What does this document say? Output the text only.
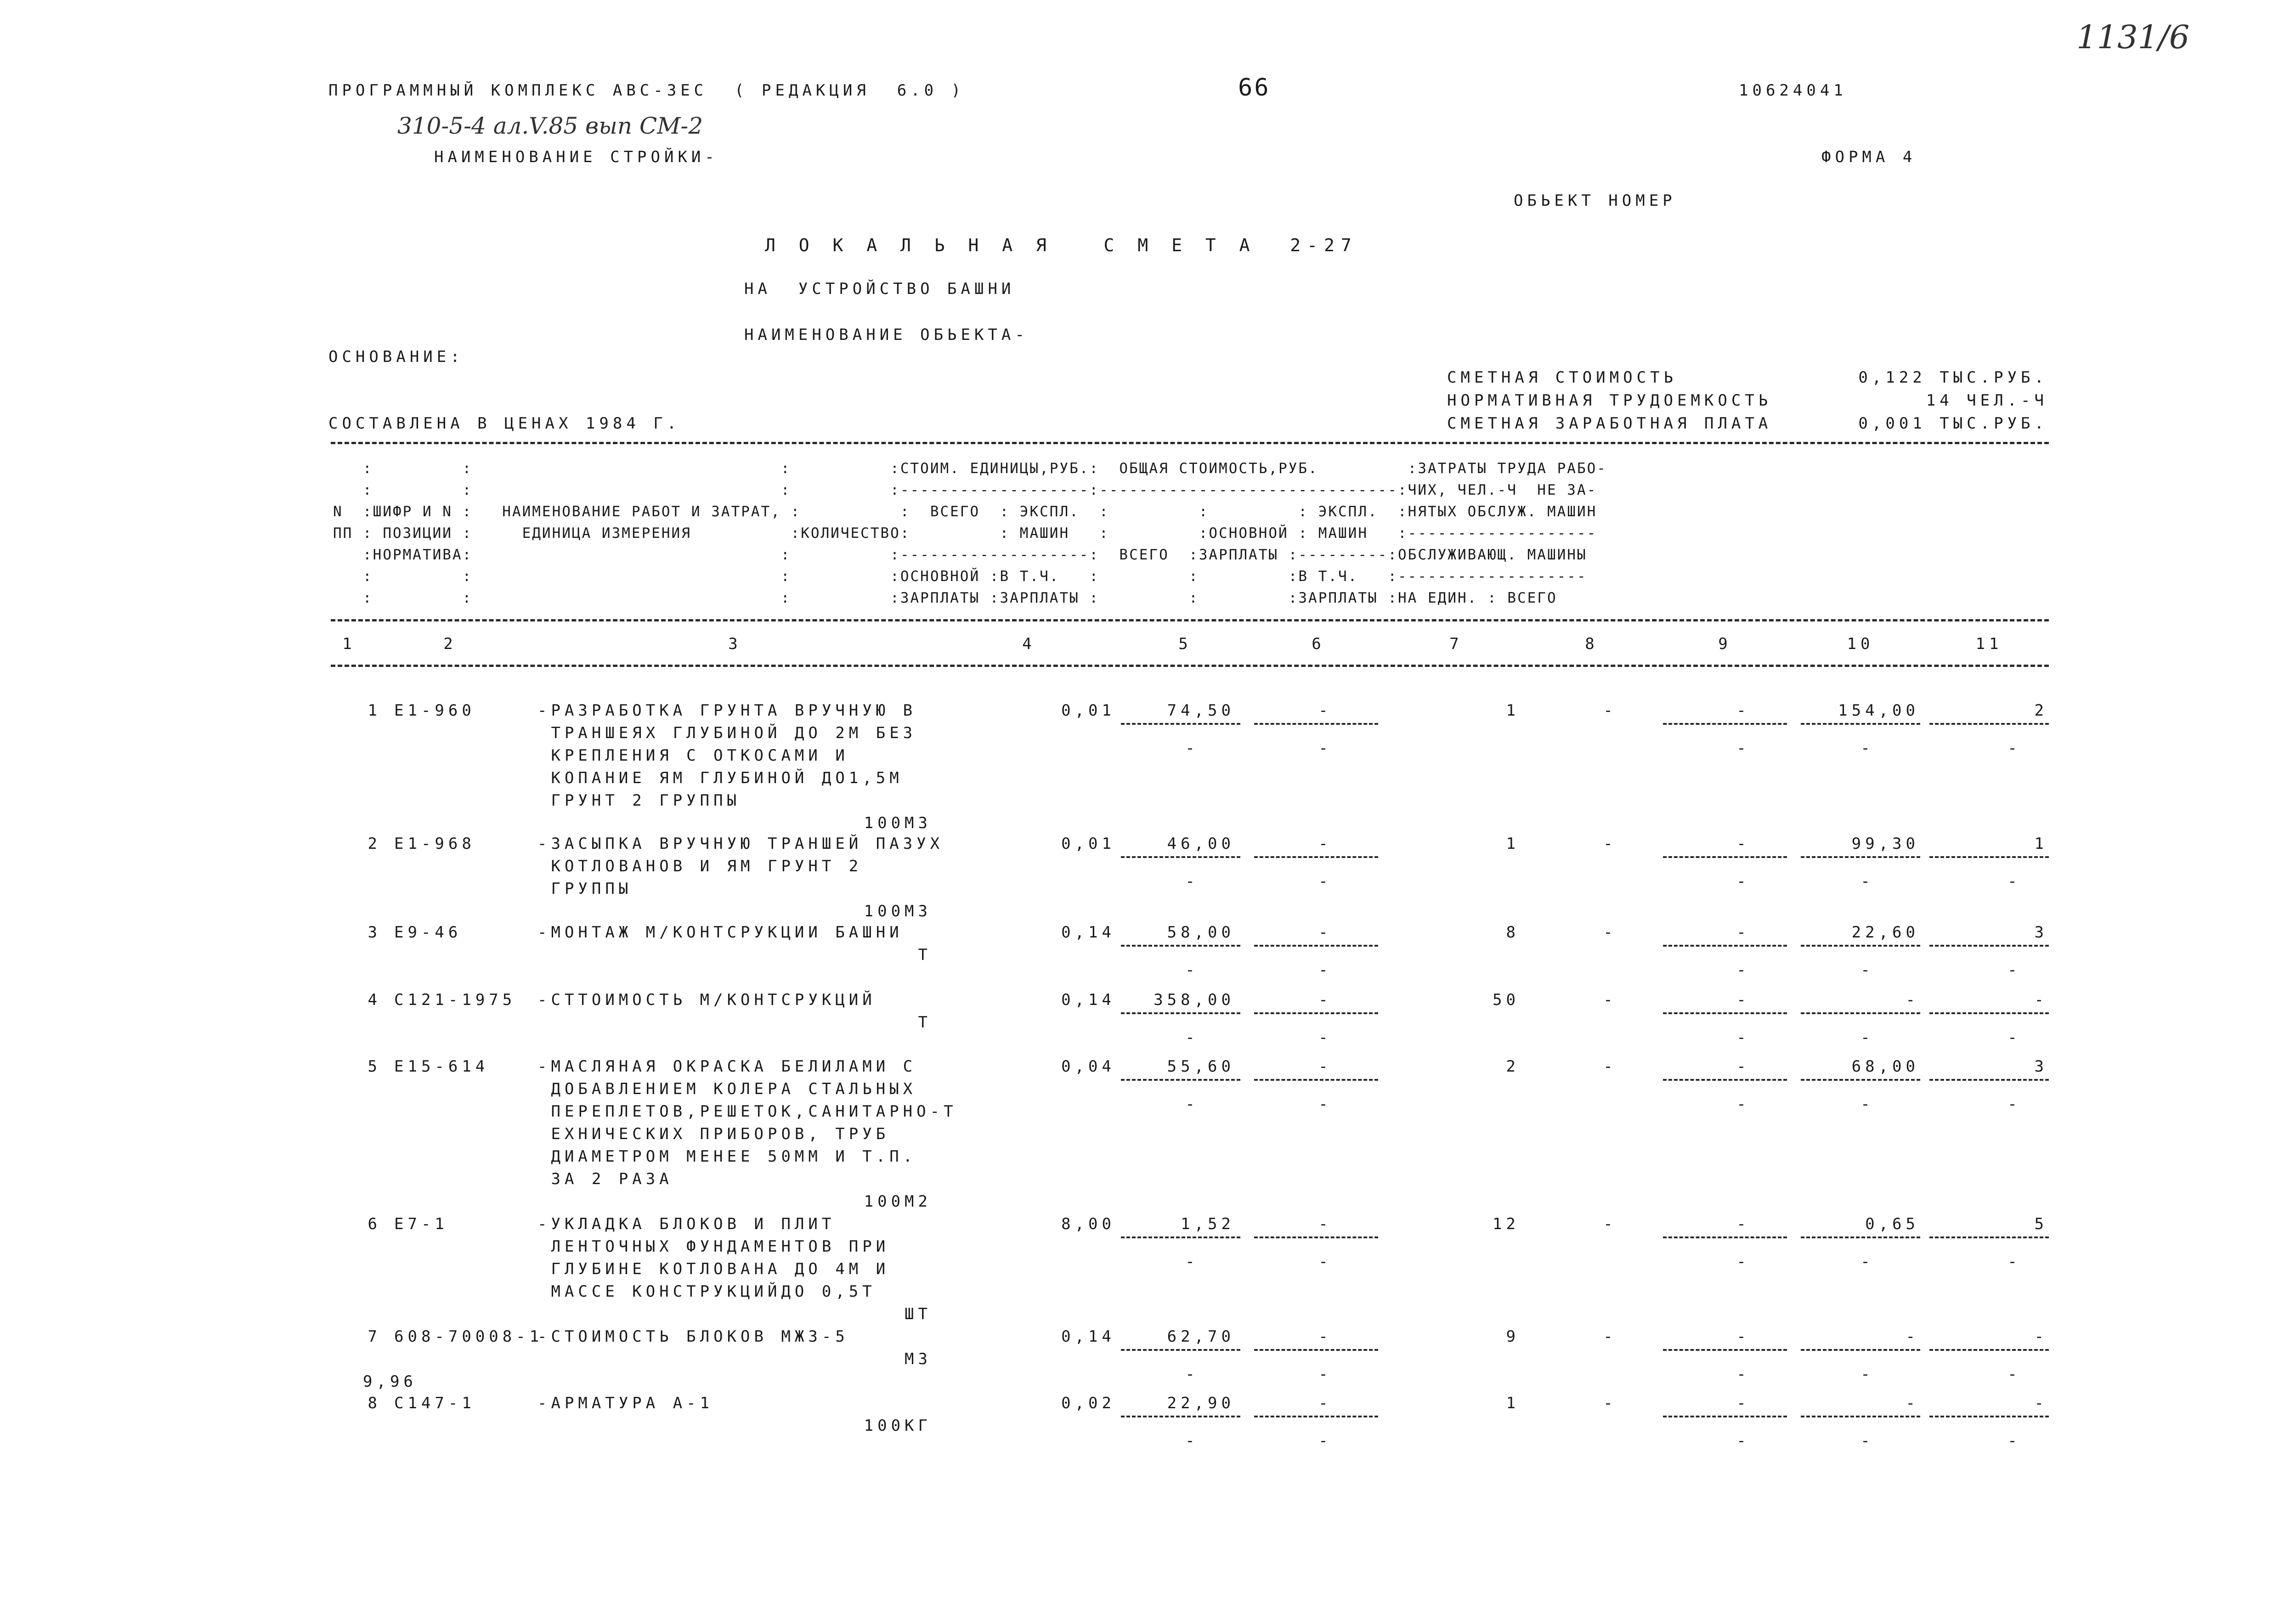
ПРОГРАММНЫЙ КОМПЛЕКС АВС-3ЕС  ( РЕДАКЦИЯ  6.0 )	66	10624041
1131/6
310-5-4 ал.V.85 вып СМ-2
НАИМЕНОВАНИЕ СТРОЙКИ-	ФОРМА 4
ОБЬЕКТ НОМЕР
Л О К А Л Ь Н А Я   С М Е Т А  2-27
НА  УСТРОЙСТВО БАШНИ
НАИМЕНОВАНИЕ ОБЬЕКТА-
ОСНОВАНИЕ:
СОСТАВЛЕНА В ЦЕНАХ 1984 Г.
СМЕТНАЯ СТОИМОСТЬ	0,122 ТЫС.РУБ.
НОРМАТИВНАЯ ТРУДОЕМКОСТЬ	14 ЧЕЛ.-Ч
СМЕТНАЯ ЗАРАБОТНАЯ ПЛАТА	0,001 ТЫС.РУБ.
:         :                               :          :СТОИМ. ЕДИНИЦЫ,РУБ.:  ОБЩАЯ СТОИМОСТЬ,РУБ.         :ЗАТРАТЫ ТРУДА РАБО-
:         :                               :          :-------------------:------------------------------:ЧИХ, ЧЕЛ.-Ч  НЕ ЗА-
N  :ШИФР И N :   НАИМЕНОВАНИЕ РАБОТ И ЗАТРАТ, :          :  ВСЕГО  : ЭКСПЛ.  :         :         : ЭКСПЛ.  :НЯТЫХ ОБСЛУЖ. МАШИН
ПП : ПОЗИЦИИ :     ЕДИНИЦА ИЗМЕРЕНИЯ          :КОЛИЧЕСТВО:         : МАШИН   :         :ОСНОВНОЙ : МАШИН   :-------------------
:НОРМАТИВА:                               :          :-------------------:  ВСЕГО  :ЗАРПЛАТЫ :---------:ОБСЛУЖИВАЮЩ. МАШИНЫ
:         :                               :          :ОСНОВНОЙ :В Т.Ч.   :         :         :В Т.Ч.   :-------------------
:         :                               :          :ЗАРПЛАТЫ :ЗАРПЛАТЫ :         :         :ЗАРПЛАТЫ :НА ЕДИН. : ВСЕГО
1	2	3	4	5	6	7	8	9	10	11
1 Е1-960	-РАЗРАБОТКА ГРУНТА ВРУЧНУЮ В
ТРАНШЕЯХ ГЛУБИНОЙ ДО 2М БЕЗ
КРЕПЛЕНИЯ С ОТКОСАМИ И
КОПАНИЕ ЯМ ГЛУБИНОЙ ДО1,5М
ГРУНТ 2 ГРУППЫ
100М3
0,01	74,50	-	1	-	-	154,00	2
-	-	-	-	-
2 Е1-968	-ЗАСЫПКА ВРУЧНУЮ ТРАНШЕЙ ПАЗУХ
КОТЛОВАНОВ И ЯМ ГРУНТ 2
ГРУППЫ
100М3
0,01	46,00	-	1	-	-	99,30	1
-	-	-	-	-
3 Е9-46	-МОНТАЖ М/КОНТСРУКЦИИ БАШНИ
Т
0,14	58,00	-	8	-	-	22,60	3
-	-	-	-	-
4 С121-1975 -СТТОИМОСТЬ М/КОНТСРУКЦИЙ
Т
0,14 358,00	-	50	-	-	-	-
-	-	-	-	-
5 Е15-614	-МАСЛЯНАЯ ОКРАСКА БЕЛИЛАМИ С
ДОБАВЛЕНИЕМ КОЛЕРА СТАЛЬНЫХ
ПЕРЕПЛЕТОВ,РЕШЕТОК,САНИТАРНО-Т
ЕХНИЧЕСКИХ ПРИБОРОВ, ТРУБ
ДИАМЕТРОМ МЕНЕЕ 50ММ И Т.П.
ЗА 2 РАЗА
100М2
0,04	55,60	-	2	-	-	68,00	3
-	-	-	-	-
6 Е7-1	-УКЛАДКА БЛОКОВ И ПЛИТ
ЛЕНТОЧНЫХ ФУНДАМЕНТОВ ПРИ
ГЛУБИНЕ КОТЛОВАНА ДО 4М И
МАССЕ КОНСТРУКЦИЙДО 0,5Т
ШТ
8,00	1,52	-	12	-	-	0,65	5
-	-	-	-	-
7 608-70008-1
-СТОИМОСТЬ БЛОКОВ МЖ3-5
М3
9,96
0,14	62,70	-	9	-	-	-	-
-	-	-	-	-
8 С147-1	-АРМАТУРА А-1
100КГ
0,02	22,90	-	1	-	-	-	-
-	-	-	-	-
